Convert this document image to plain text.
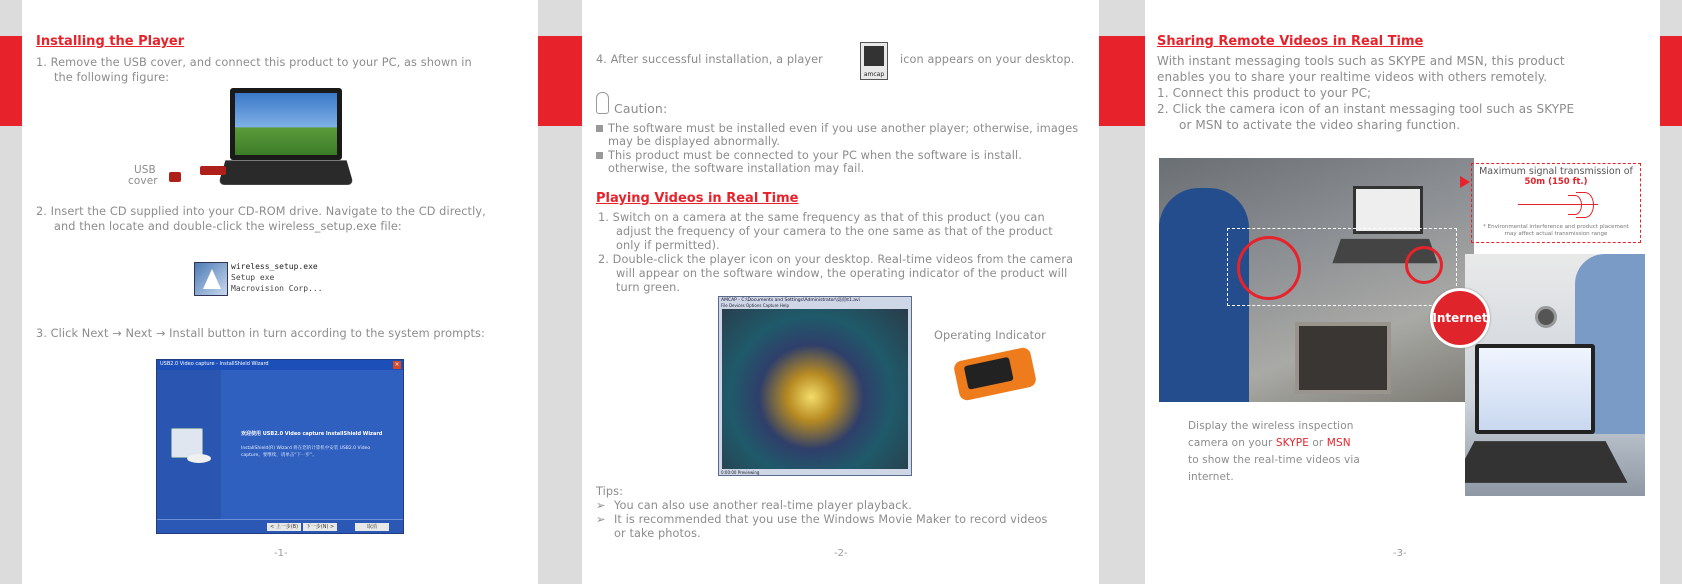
Installing the Player
1. Remove the USB cover, and connect this product to your PC, as shown in
the following figure:
USB
cover
2. Insert the CD supplied into your CD-ROM drive. Navigate to the CD directly,
and then locate and double-click the wireless_setup.exe file:
wireless_setup.exe
Setup exe
Macrovision Corp...
3. Click Next → Next → Install button in turn according to the system prompts:
USB2.0 Video capture - InstallShield Wizard	×
欢迎使用 USB2.0 Video capture InstallShield Wizard
InstallShield(R) Wizard 将在您的计算机中安装 USB2.0 Video capture。要继续，请单击“下一步”。
< 上一步(B)	下一步(N) >	取消
-1-
4. After successful installation, a player
amcap
icon appears on your desktop.
Caution:
The software must be installed even if you use another player; otherwise, images
may be displayed abnormally.
This product must be connected to your PC when the software is install.
otherwise, the software installation may fail.
Playing Videos in Real Time
1. Switch on a camera at the same frequency as that of this product (you can
adjust the frequency of your camera to the one same as that of the product
only if permitted).
2. Double-click the player icon on your desktop. Real-time videos from the camera
will appear on the software window, the operating indicator of the product will
turn green.
AMCAP - C:\Documents and Settings\Administrator\桌面\t1.avi
File Devices Options Capture Help
0:00:00 Previewing
Operating Indicator
Tips:
➢ You can also use another real-time player playback.
➢ It is recommended that you use the Windows Movie Maker to record videos
or take photos.
-2-
Sharing Remote Videos in Real Time
With instant messaging tools such as SKYPE and MSN, this product
enables you to share your realtime videos with others remotely.
1. Connect this product to your PC;
2. Click the camera icon of an instant messaging tool such as SKYPE
or MSN to activate the video sharing function.
Maximum signal transmission of
50m (150 ft.)
* Environmental interference and product placement
may affect actual transmission range
Internet
Display the wireless inspection
camera on your SKYPE or MSN
to show the real-time videos via
internet.
-3-
